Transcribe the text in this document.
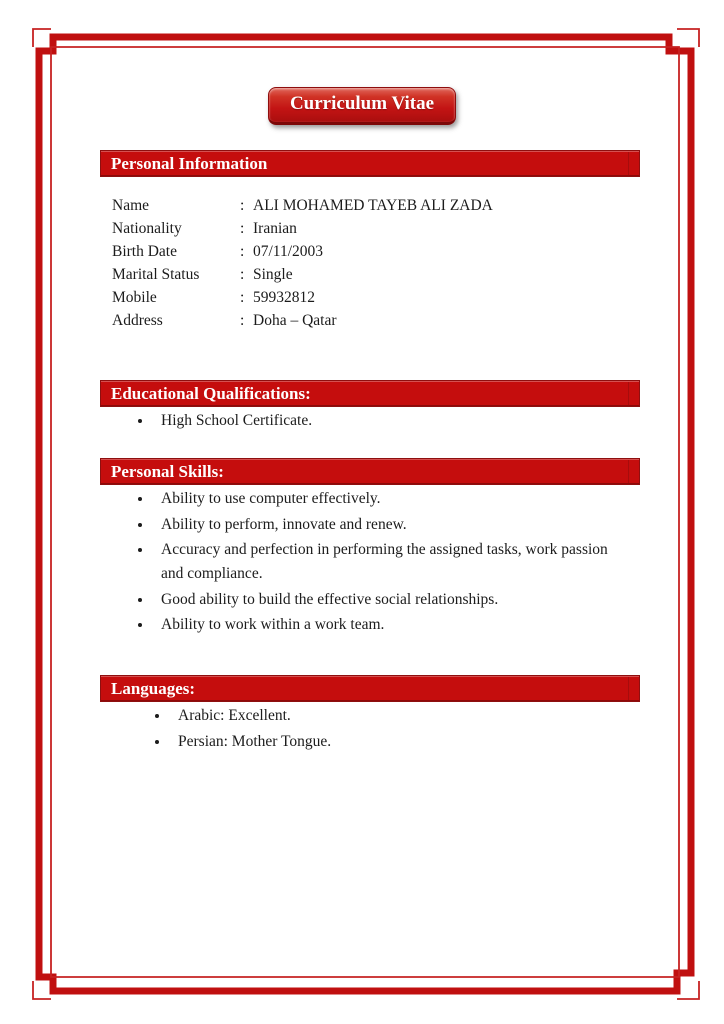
Curriculum Vitae
Personal Information
Name	: ALI MOHAMED TAYEB ALI ZADA
Nationality	: Iranian
Birth Date	: 07/11/2003
Marital Status	: Single
Mobile	: 59932812
Address	: Doha – Qatar
Educational Qualifications:
• High School Certificate.
Personal Skills:
• Ability to use computer effectively.
• Ability to perform, innovate and renew.
• Accuracy and perfection in performing the assigned tasks, work passion and compliance.
• Good ability to build the effective social relationships.
• Ability to work within a work team.
Languages:
• Arabic: Excellent.
• Persian: Mother Tongue.
